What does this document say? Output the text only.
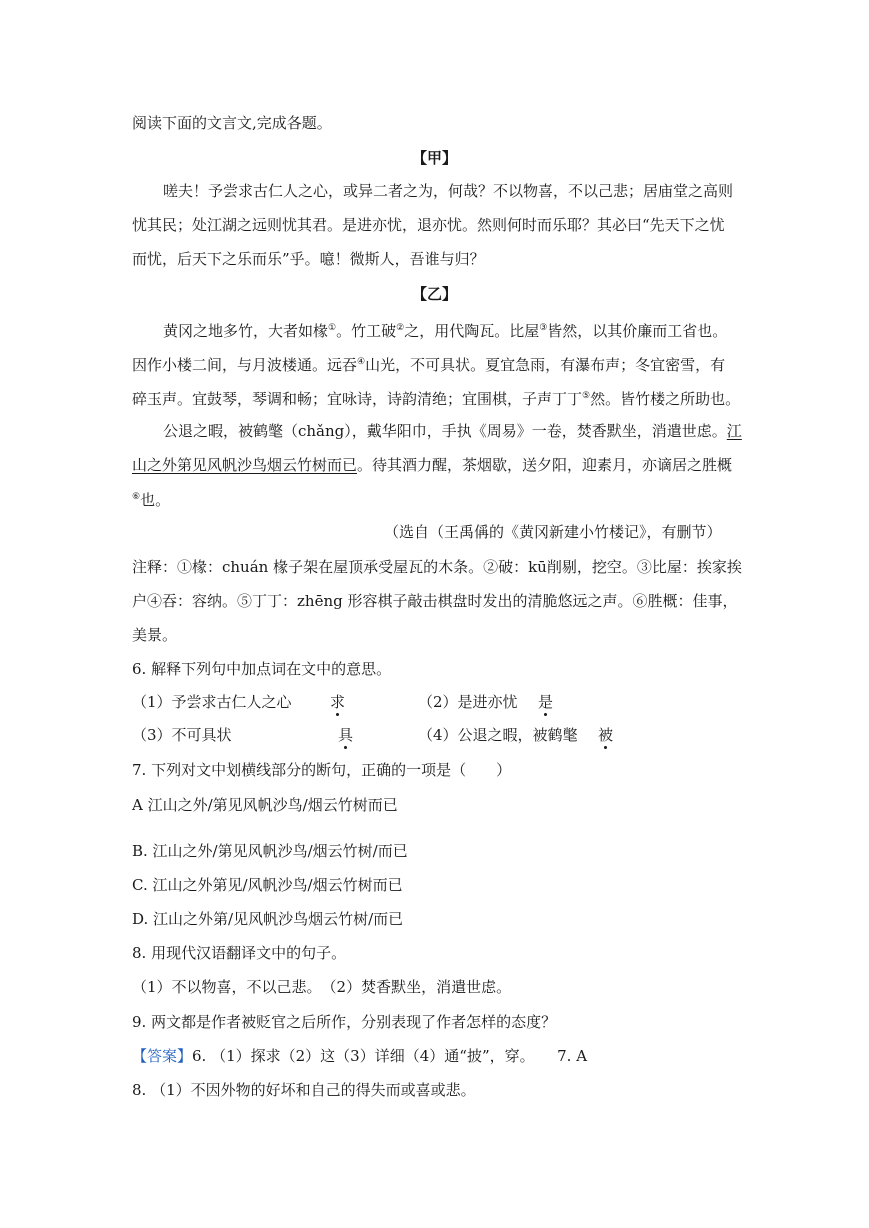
阅读下面的文言文,完成各题。
【甲】
嗟夫！予尝求古仁人之心，或异二者之为，何哉？不以物喜，不以己悲；居庙堂之高则
忧其民；处江湖之远则忧其君。是进亦忧，退亦忧。然则何时而乐耶？其必曰“先天下之忧
而忧，后天下之乐而乐”乎。噫！微斯人，吾谁与归？
【乙】
黄冈之地多竹，大者如椽①。竹工破②之，用代陶瓦。比屋③皆然，以其价廉而工省也。
因作小楼二间，与月波楼通。远吞④山光，不可具状。夏宜急雨，有瀑布声；冬宜密雪，有
碎玉声。宜鼓琴，琴调和畅；宜咏诗，诗韵清绝；宜围棋，子声丁丁⑤然。皆竹楼之所助也。
公退之暇，被鹤氅（chǎng），戴华阳巾，手执《周易》一卷，焚香默坐，消遣世虑。江
山之外第见风帆沙鸟烟云竹树而已。待其酒力醒，茶烟歇，送夕阳，迎素月，亦谪居之胜概
⑥也。
（选自（王禹偁的《黄冈新建小竹楼记》，有删节）
注释：①椽：chuán 椽子架在屋顶承受屋瓦的木条。②破：kū削剔，挖空。③比屋：挨家挨
户④吞：容纳。⑤丁丁：zhēng 形容棋子敲击棋盘时发出的清脆悠远之声。⑥胜概：佳事，
美景。
6. 解释下列句中加点词在文中的意思。
（1）予尝求古仁人之心	求	（2）是进亦忧 是
（3）不可具状	具	（4）公退之暇，被鹤氅 被
7. 下列对文中划横线部分的断句，正确的一项是（　　）
A 江山之外/第见风帆沙鸟/烟云竹树而已
B. 江山之外/第见风帆沙鸟/烟云竹树/而已
C. 江山之外第见/风帆沙鸟/烟云竹树而已
D. 江山之外第/见风帆沙鸟烟云竹树/而已
8. 用现代汉语翻译文中的句子。
（1）不以物喜，不以己悲。　（2）焚香默坐，消遣世虑。
9. 两文都是作者被贬官之后所作，分别表现了作者怎样的态度？
【答案】6. （1）探求（2）这（3）详细（4）通“披”，穿。　　7. A
8. （1）不因外物的好坏和自己的得失而或喜或悲。
